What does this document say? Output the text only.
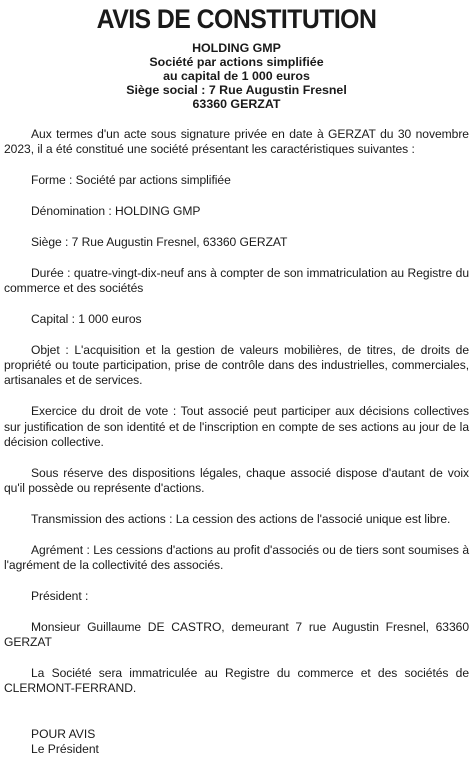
AVIS DE CONSTITUTION
HOLDING GMP
Société par actions simplifiée
au capital de 1 000 euros
Siège social : 7 Rue Augustin Fresnel
63360 GERZAT

Aux termes d'un acte sous signature privée en date à GERZAT du 30 novembre 2023, il a été constitué une société présentant les caractéristiques suivantes :

Forme : Société par actions simplifiée

Dénomination : HOLDING GMP

Siège : 7 Rue Augustin Fresnel, 63360 GERZAT

Durée : quatre-vingt-dix-neuf ans à compter de son immatriculation au Registre du commerce et des sociétés

Capital : 1 000 euros

Objet : L'acquisition et la gestion de valeurs mobilières, de titres, de droits de propriété ou toute participation, prise de contrôle dans des industrielles, commerciales, artisanales et de services.

Exercice du droit de vote : Tout associé peut participer aux décisions collectives sur justification de son identité et de l'inscription en compte de ses actions au jour de la décision collective.

Sous réserve des dispositions légales, chaque associé dispose d'autant de voix qu'il possède ou représente d'actions.

Transmission des actions : La cession des actions de l'associé unique est libre.

Agrément : Les cessions d'actions au profit d'associés ou de tiers sont soumises à l'agrément de la collectivité des associés.

Président :

Monsieur Guillaume DE CASTRO, demeurant 7 rue Augustin Fresnel, 63360 GERZAT

La Société sera immatriculée au Registre du commerce et des sociétés de CLERMONT-FERRAND.

POUR AVIS
Le Président
